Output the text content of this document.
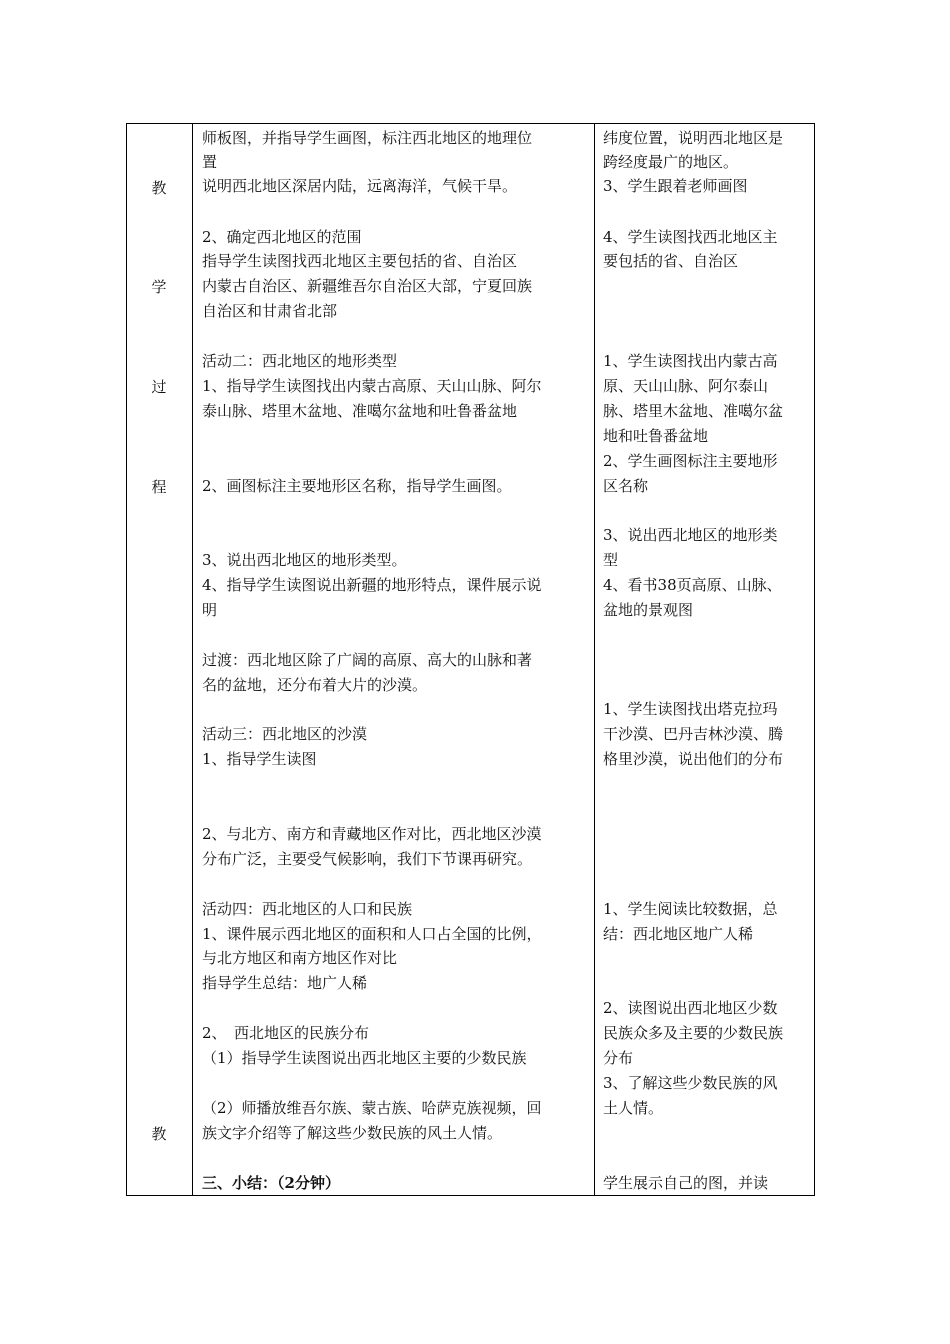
教
学
过
程
教
师板图，并指导学生画图，标注西北地区的地理位
置
说明西北地区深居内陆，远离海洋，气候干旱。
2、确定西北地区的范围
指导学生读图找西北地区主要包括的省、自治区
内蒙古自治区、新疆维吾尔自治区大部，宁夏回族
自治区和甘肃省北部
活动二：西北地区的地形类型
1、指导学生读图找出内蒙古高原、天山山脉、阿尔
泰山脉、塔里木盆地、准噶尔盆地和吐鲁番盆地
2、画图标注主要地形区名称，指导学生画图。
3、说出西北地区的地形类型。
4、指导学生读图说出新疆的地形特点，课件展示说
明
过渡：西北地区除了广阔的高原、高大的山脉和著
名的盆地，还分布着大片的沙漠。
活动三：西北地区的沙漠
1、指导学生读图
2、与北方、南方和青藏地区作对比，西北地区沙漠
分布广泛，主要受气候影响，我们下节课再研究。
活动四：西北地区的人口和民族
1、课件展示西北地区的面积和人口占全国的比例，
与北方地区和南方地区作对比
指导学生总结：地广人稀
2、　西北地区的民族分布
（1）指导学生读图说出西北地区主要的少数民族
（2）师播放维吾尔族、蒙古族、哈萨克族视频，回
族文字介绍等了解这些少数民族的风土人情。
三、小结：（2分钟）
纬度位置，说明西北地区是
跨经度最广的地区。
3、学生跟着老师画图
4、学生读图找西北地区主
要包括的省、自治区
1、学生读图找出内蒙古高
原、天山山脉、阿尔泰山
脉、塔里木盆地、准噶尔盆
地和吐鲁番盆地
2、学生画图标注主要地形
区名称
3、说出西北地区的地形类
型
4、看书38页高原、山脉、
盆地的景观图
1、学生读图找出塔克拉玛
干沙漠、巴丹吉林沙漠、腾
格里沙漠，说出他们的分布
1、学生阅读比较数据，总
结：西北地区地广人稀
2、读图说出西北地区少数
民族众多及主要的少数民族
分布
3、了解这些少数民族的风
土人情。
学生展示自己的图，并读
